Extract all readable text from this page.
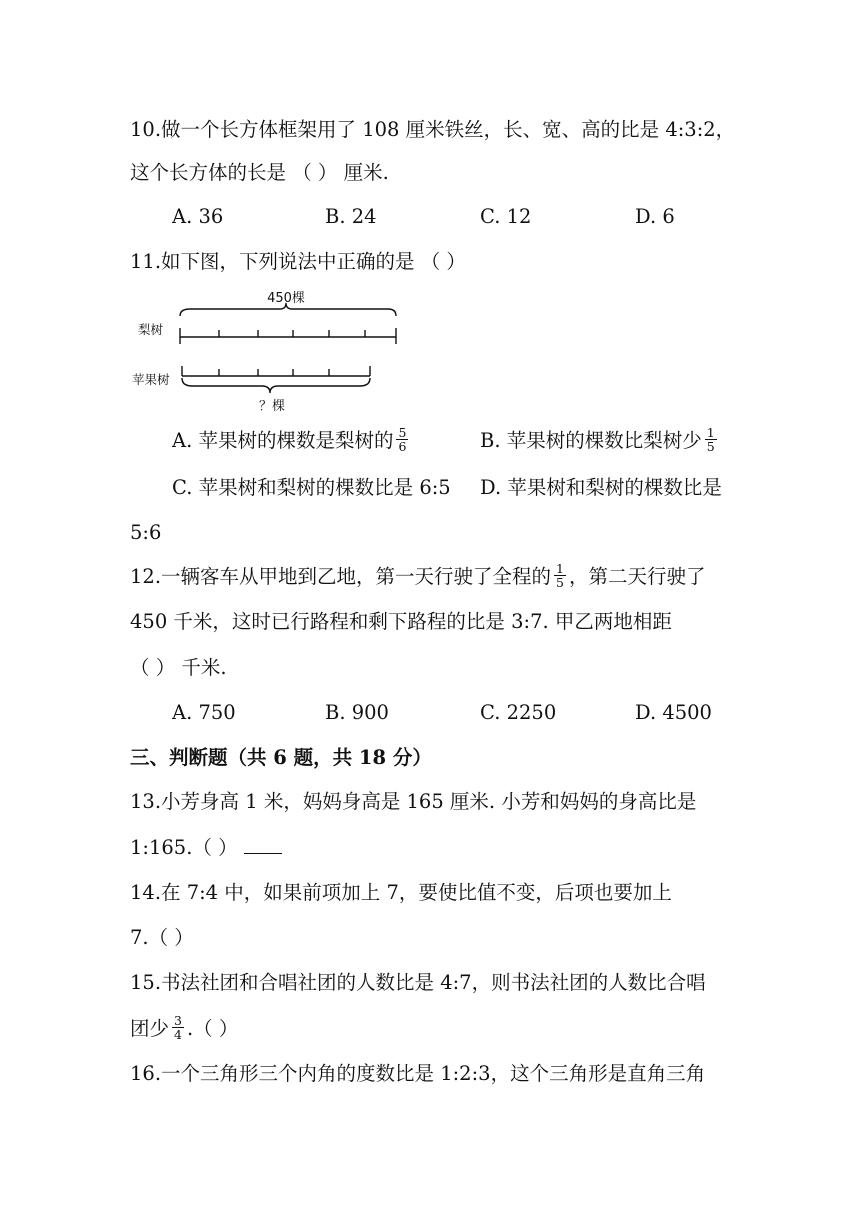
10.做一个长方体框架用了 108 厘米铁丝，长、宽、高的比是 4:3:2，
这个长方体的长是 （ ） 厘米.
A. 36	B. 24	C. 12	D. 6
11.如下图，下列说法中正确的是 （ ）
450棵
梨树
苹果树
？棵
A. 苹果树的棵数是梨树的 $\frac{5}{6}$	B. 苹果树的棵数比梨树少 $\frac{1}{5}$
C. 苹果树和梨树的棵数比是 6:5 D. 苹果树和梨树的棵数比是
5:6
12.一辆客车从甲地到乙地，第一天行驶了全程的 $\frac{1}{5}$ ，第二天行驶了
450 千米，这时已行路程和剩下路程的比是 3:7. 甲乙两地相距
（ ） 千米.
A. 750	B. 900	C. 2250	D. 4500
三、判断题（共 6 题，共 18 分）
13.小芳身高 1 米，妈妈身高是 165 厘米. 小芳和妈妈的身高比是
1:165.（ ）
14.在 7:4 中，如果前项加上 7，要使比值不变，后项也要加上
7.（ ）
15.书法社团和合唱社团的人数比是 4:7，则书法社团的人数比合唱
团少 $\frac{3}{4}$ .（ ）
16.一个三角形三个内角的度数比是 1:2:3，这个三角形是直角三角
